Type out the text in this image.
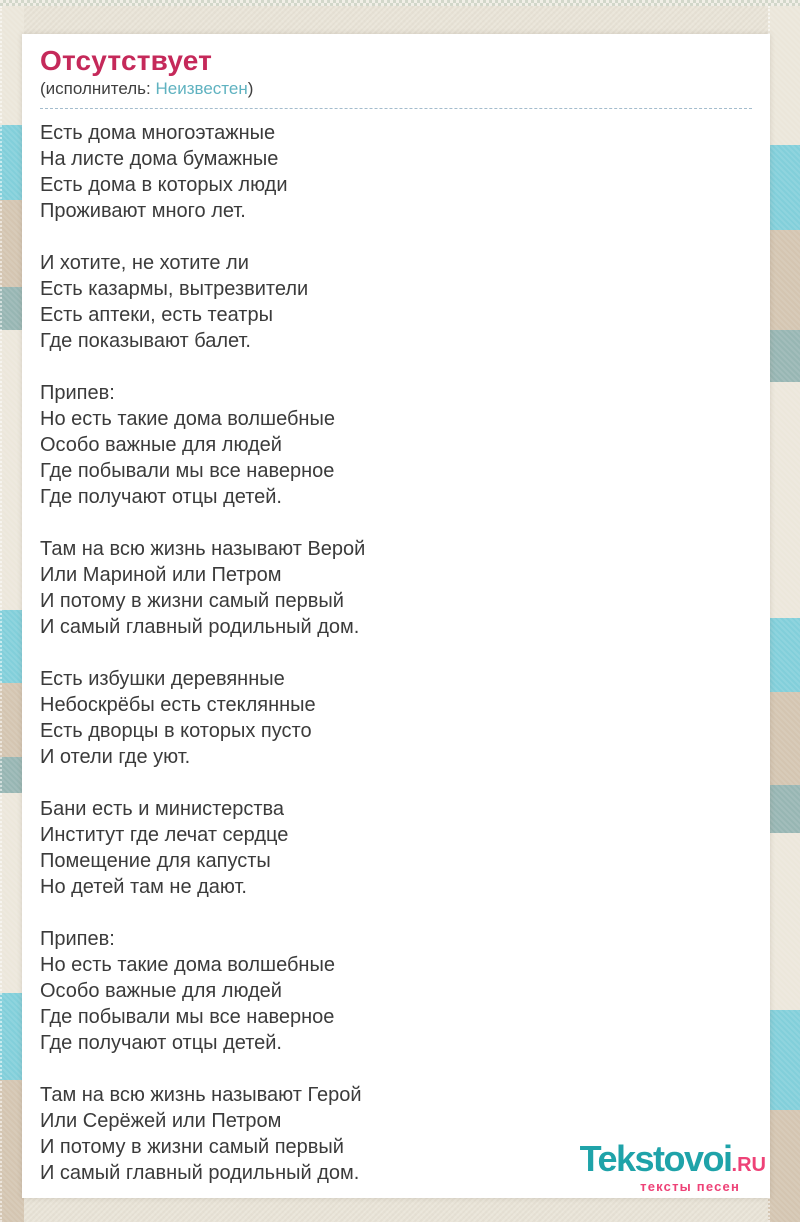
Отсутствует
(исполнитель: Неизвестен)

Есть дома многоэтажные
На листе дома бумажные
Есть дома в которых люди
Проживают много лет.

И хотите, не хотите ли
Есть казармы, вытрезвители
Есть аптеки, есть театры
Где показывают балет.

Припев:
Но есть такие дома волшебные
Особо важные для людей
Где побывали мы все наверное
Где получают отцы детей.

Там на всю жизнь называют Верой
Или Мариной или Петром
И потому в жизни самый первый
И самый главный родильный дом.

Есть избушки деревянные
Небоскрёбы есть стеклянные
Есть дворцы в которых пусто
И отели где уют.

Бани есть и министерства
Институт где лечат сердце
Помещение для капусты
Но детей там не дают.

Припев:
Но есть такие дома волшебные
Особо важные для людей
Где побывали мы все наверное
Где получают отцы детей.

Там на всю жизнь называют Герой
Или Серёжей или Петром
И потому в жизни самый первый
И самый главный родильный дом.	Tekstovoi.RU
тексты песен
